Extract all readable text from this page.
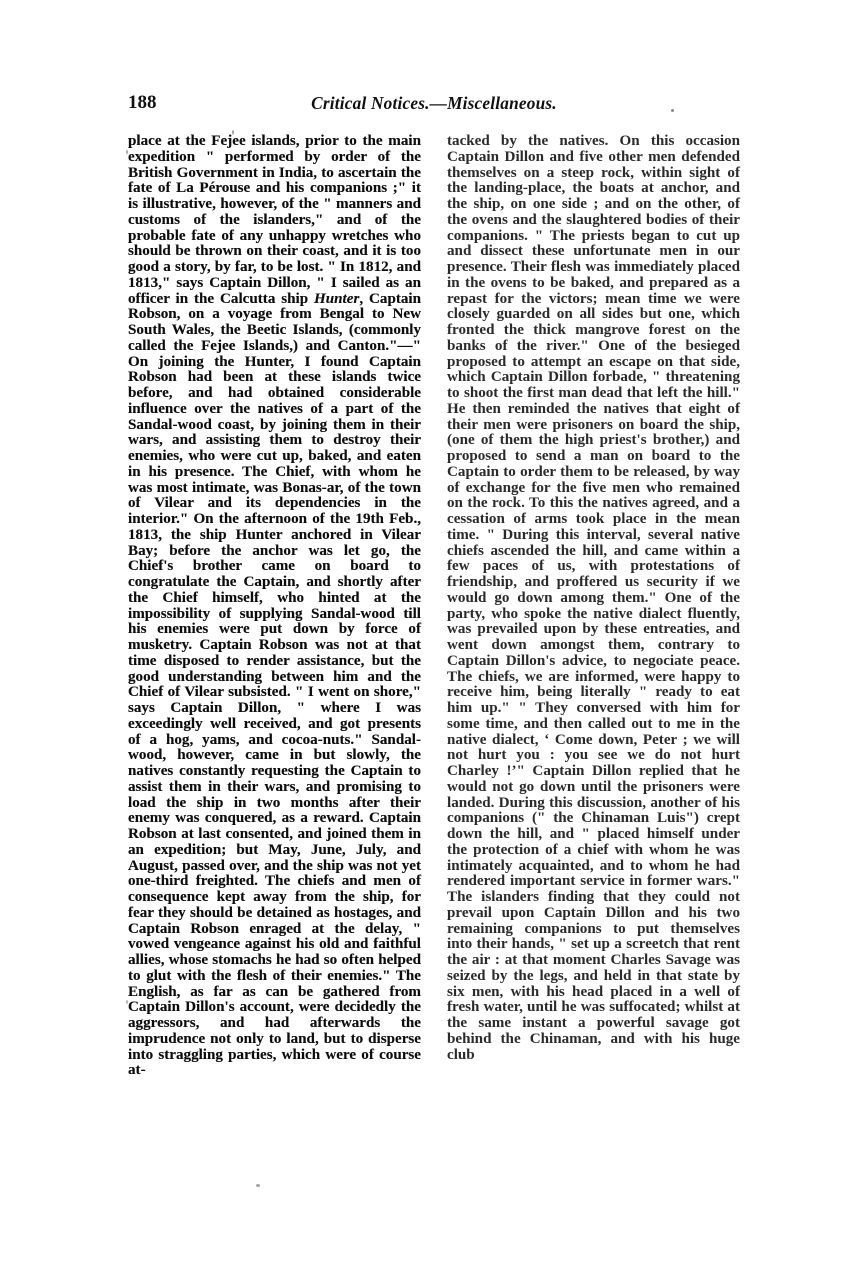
188	Critical Notices.—Miscellaneous.

place at the Fejee islands, prior to the main expedition " performed by order of the British Government in India, to ascertain the fate of La Pérouse and his companions ;" it is illustrative, however, of the " manners and customs of the islanders," and of the probable fate of any unhappy wretches who should be thrown on their coast, and it is too good a story, by far, to be lost. " In 1812, and 1813," says Captain Dillon, " I sailed as an officer in the Calcutta ship Hunter, Captain Robson, on a voyage from Bengal to New South Wales, the Beetic Islands, (commonly called the Fejee Islands,) and Canton."—" On joining the Hunter, I found Captain Robson had been at these islands twice before, and had obtained considerable influence over the natives of a part of the Sandal-wood coast, by joining them in their wars, and assisting them to destroy their enemies, who were cut up, baked, and eaten in his presence. The Chief, with whom he was most intimate, was Bonas-ar, of the town of Vilear and its dependencies in the interior." On the afternoon of the 19th Feb., 1813, the ship Hunter anchored in Vilear Bay; before the anchor was let go, the Chief's brother came on board to congratulate the Captain, and shortly after the Chief himself, who hinted at the impossibility of supplying Sandal-wood till his enemies were put down by force of musketry. Captain Robson was not at that time disposed to render assistance, but the good understanding between him and the Chief of Vilear subsisted. " I went on shore," says Captain Dillon, " where I was exceedingly well received, and got presents of a hog, yams, and cocoa-nuts." Sandal-wood, however, came in but slowly, the natives constantly requesting the Captain to assist them in their wars, and promising to load the ship in two months after their enemy was conquered, as a reward. Captain Robson at last consented, and joined them in an expedition; but May, June, July, and August, passed over, and the ship was not yet one-third freighted. The chiefs and men of consequence kept away from the ship, for fear they should be detained as hostages, and Captain Robson enraged at the delay, " vowed vengeance against his old and faithful allies, whose stomachs he had so often helped to glut with the flesh of their enemies." The English, as far as can be gathered from Captain Dillon's account, were decidedly the aggressors, and had afterwards the imprudence not only to land, but to disperse into straggling parties, which were of course at-

tacked by the natives. On this occasion Captain Dillon and five other men defended themselves on a steep rock, within sight of the landing-place, the boats at anchor, and the ship, on one side ; and on the other, of the ovens and the slaughtered bodies of their companions. " The priests began to cut up and dissect these unfortunate men in our presence. Their flesh was immediately placed in the ovens to be baked, and prepared as a repast for the victors; mean time we were closely guarded on all sides but one, which fronted the thick mangrove forest on the banks of the river." One of the besieged proposed to attempt an escape on that side, which Captain Dillon forbade, " threatening to shoot the first man dead that left the hill." He then reminded the natives that eight of their men were prisoners on board the ship, (one of them the high priest's brother,) and proposed to send a man on board to the Captain to order them to be released, by way of exchange for the five men who remained on the rock. To this the natives agreed, and a cessation of arms took place in the mean time. " During this interval, several native chiefs ascended the hill, and came within a few paces of us, with protestations of friendship, and proffered us security if we would go down among them." One of the party, who spoke the native dialect fluently, was prevailed upon by these entreaties, and went down amongst them, contrary to Captain Dillon's advice, to negociate peace. The chiefs, we are informed, were happy to receive him, being literally " ready to eat him up." " They conversed with him for some time, and then called out to me in the native dialect, ‘ Come down, Peter ; we will not hurt you : you see we do not hurt Charley !’" Captain Dillon replied that he would not go down until the prisoners were landed. During this discussion, another of his companions (" the Chinaman Luis") crept down the hill, and " placed himself under the protection of a chief with whom he was intimately acquainted, and to whom he had rendered important service in former wars." The islanders finding that they could not prevail upon Captain Dillon and his two remaining companions to put themselves into their hands, " set up a screetch that rent the air : at that moment Charles Savage was seized by the legs, and held in that state by six men, with his head placed in a well of fresh water, until he was suffocated; whilst at the same instant a powerful savage got behind the Chinaman, and with his huge club
